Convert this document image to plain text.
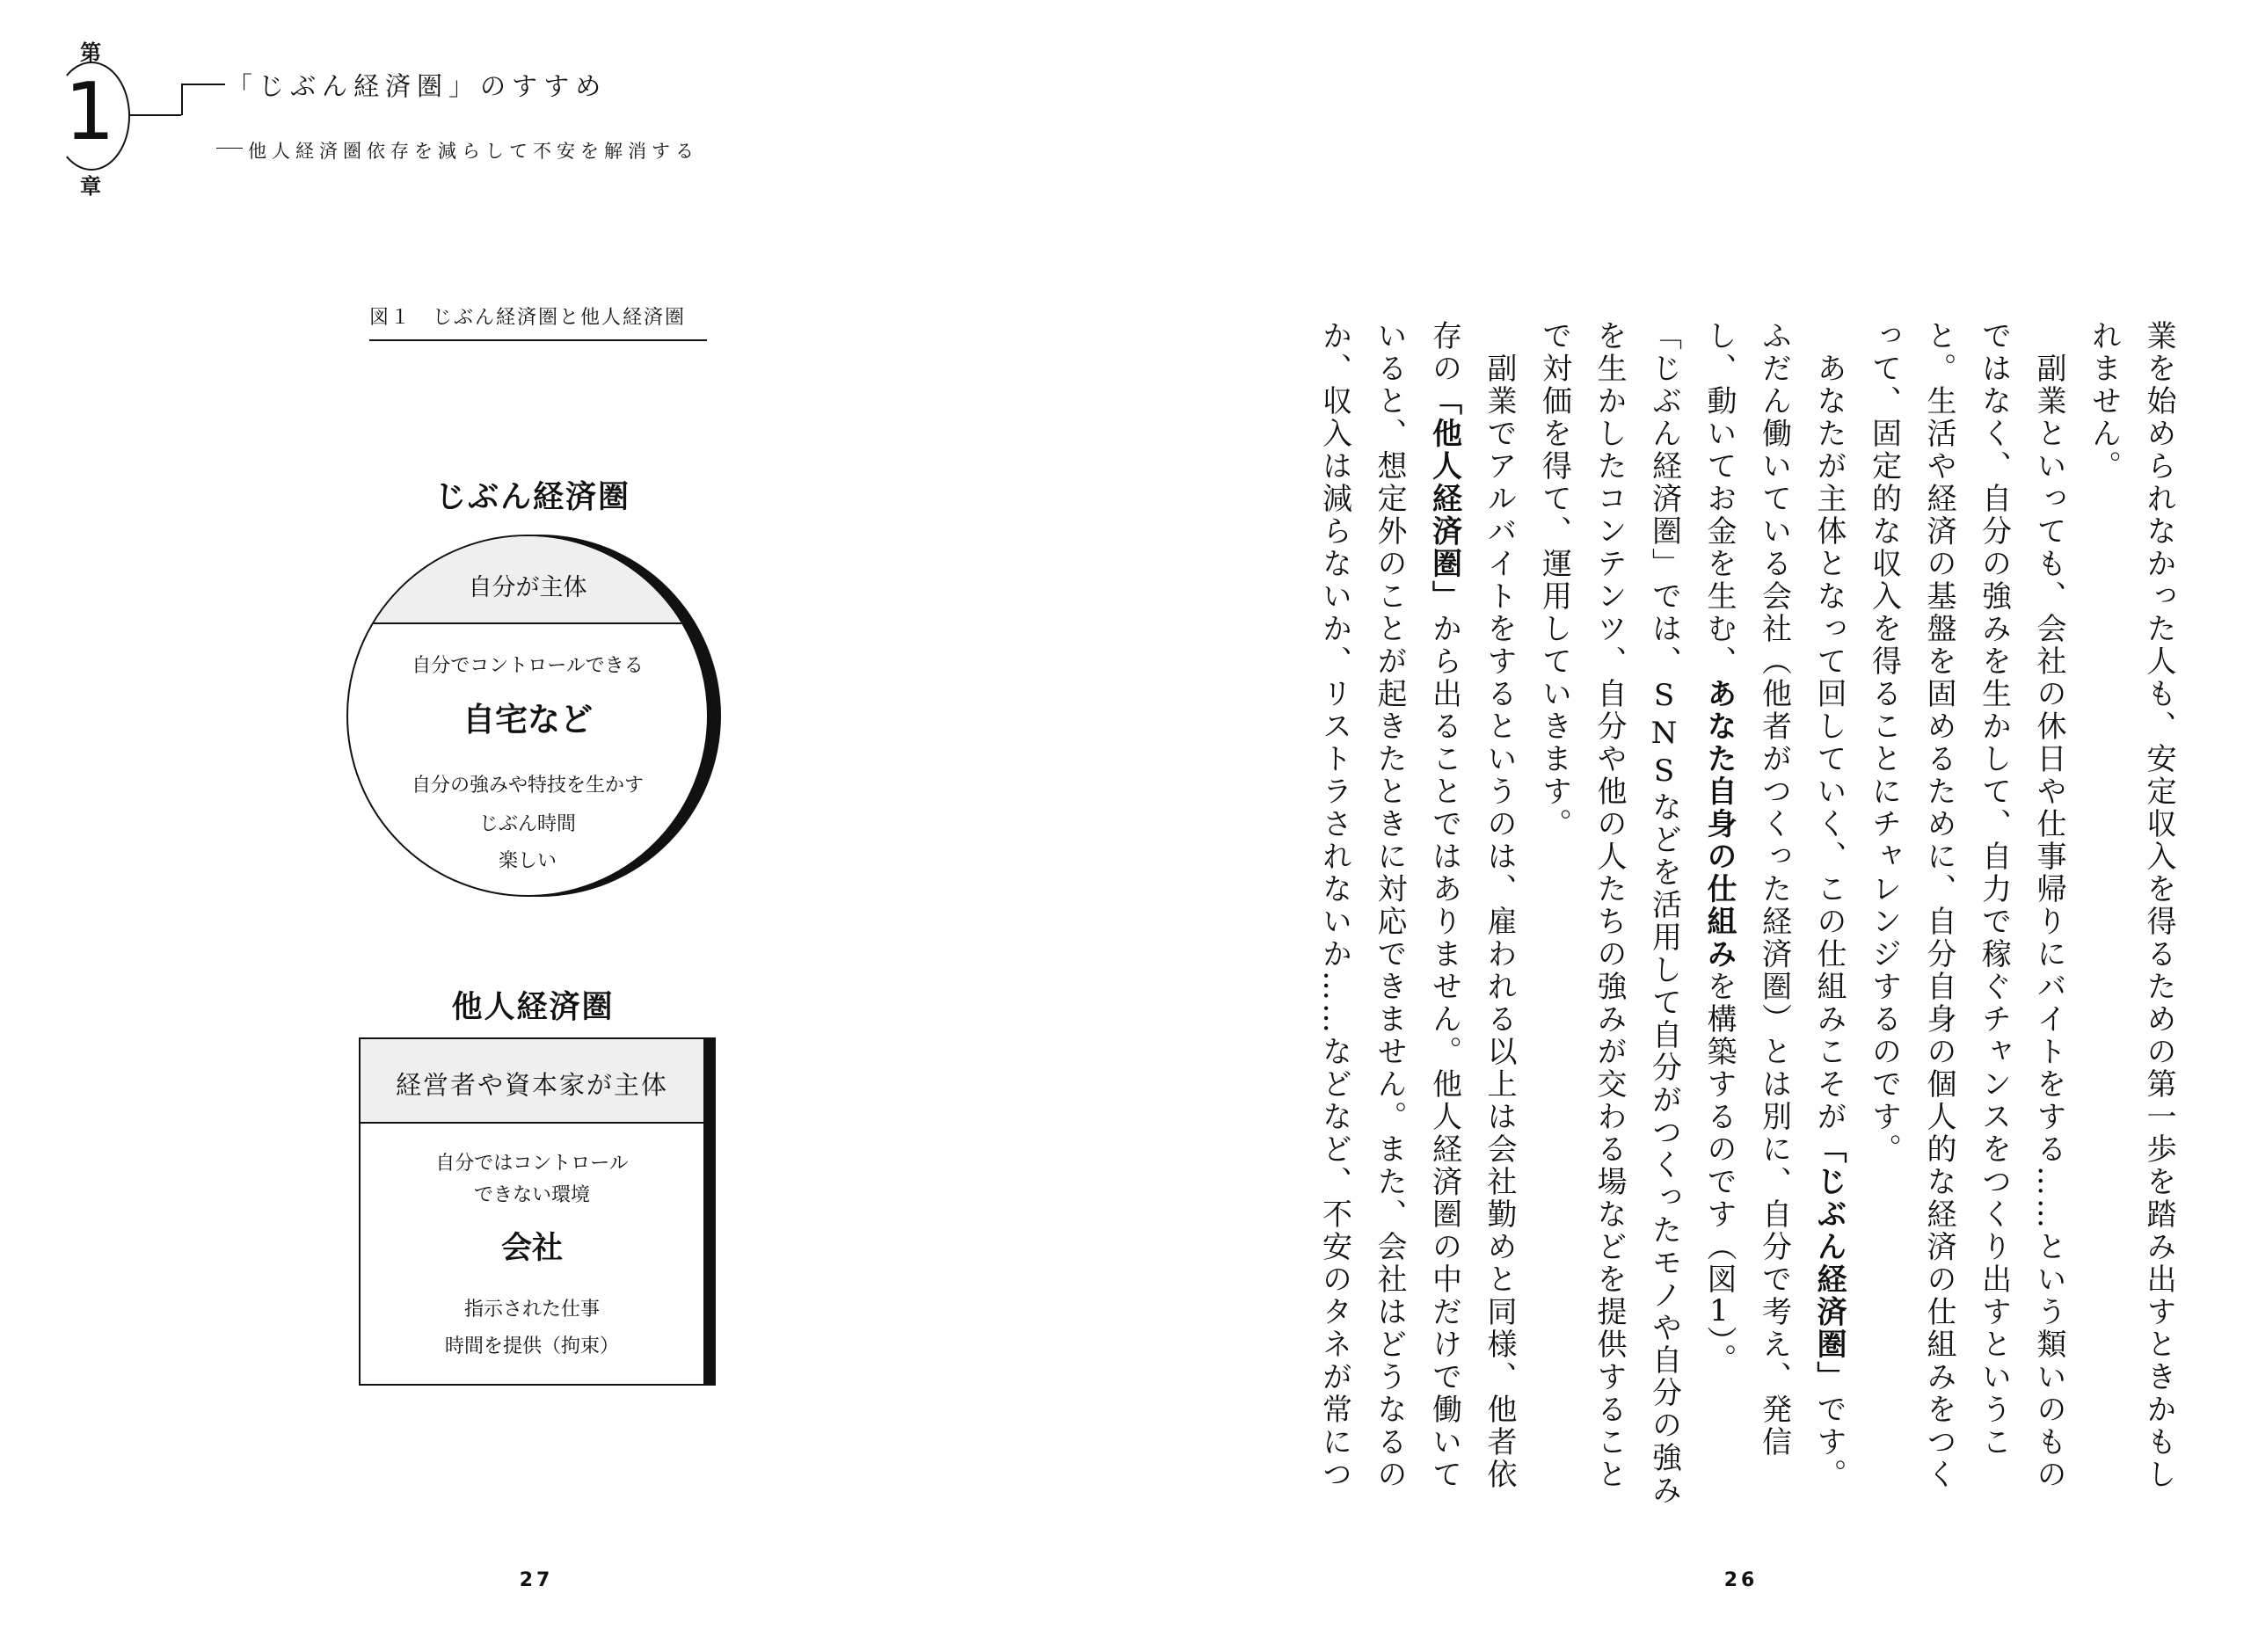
第
1
章
「じぶん経済圏」のすすめ
他人経済圏依存を減らして不安を解消する
図１　じぶん経済圏と他人経済圏
じぶん経済圏
自分が主体
自分でコントロールできる
自宅など
自分の強みや特技を生かす
じぶん時間
楽しい
他人経済圏
経営者や資本家が主体
自分ではコントロール
できない環境
会社
指示された仕事
時間を提供（拘束）
27	26

業を始められなかった人も、安定収入を得るための第一歩を踏み出すときかもしれません。

　副業といっても、会社の休日や仕事帰りにバイトをする……という類いのものではなく、自分の強みを生かして、自力で稼ぐチャンスをつくり出すということ。生活や経済の基盤を固めるために、自分自身の個人的な経済の仕組みをつくって、固定的な収入を得ることにチャレンジするのです。

　あなたが主体となって回していく、この仕組みこそが「じぶん経済圏」です。ふだん働いている会社（他者がつくった経済圏）とは別に、自分で考え、発信し、動いてお金を生む、あなた自身の仕組みを構築するのです（図1）。

「じぶん経済圏」では、SNSなどを活用して自分がつくったモノや自分の強みを生かしたコンテンツ、自分や他の人たちの強みが交わる場などを提供することで対価を得て、運用していきます。

　副業でアルバイトをするというのは、雇われる以上は会社勤めと同様、他者依存の「他人経済圏」から出ることではありません。他人経済圏の中だけで働いていると、想定外のことが起きたときに対応できません。また、会社はどうなるのか、収入は減らないか、リストラされないか……などなど、不安のタネが常につ
